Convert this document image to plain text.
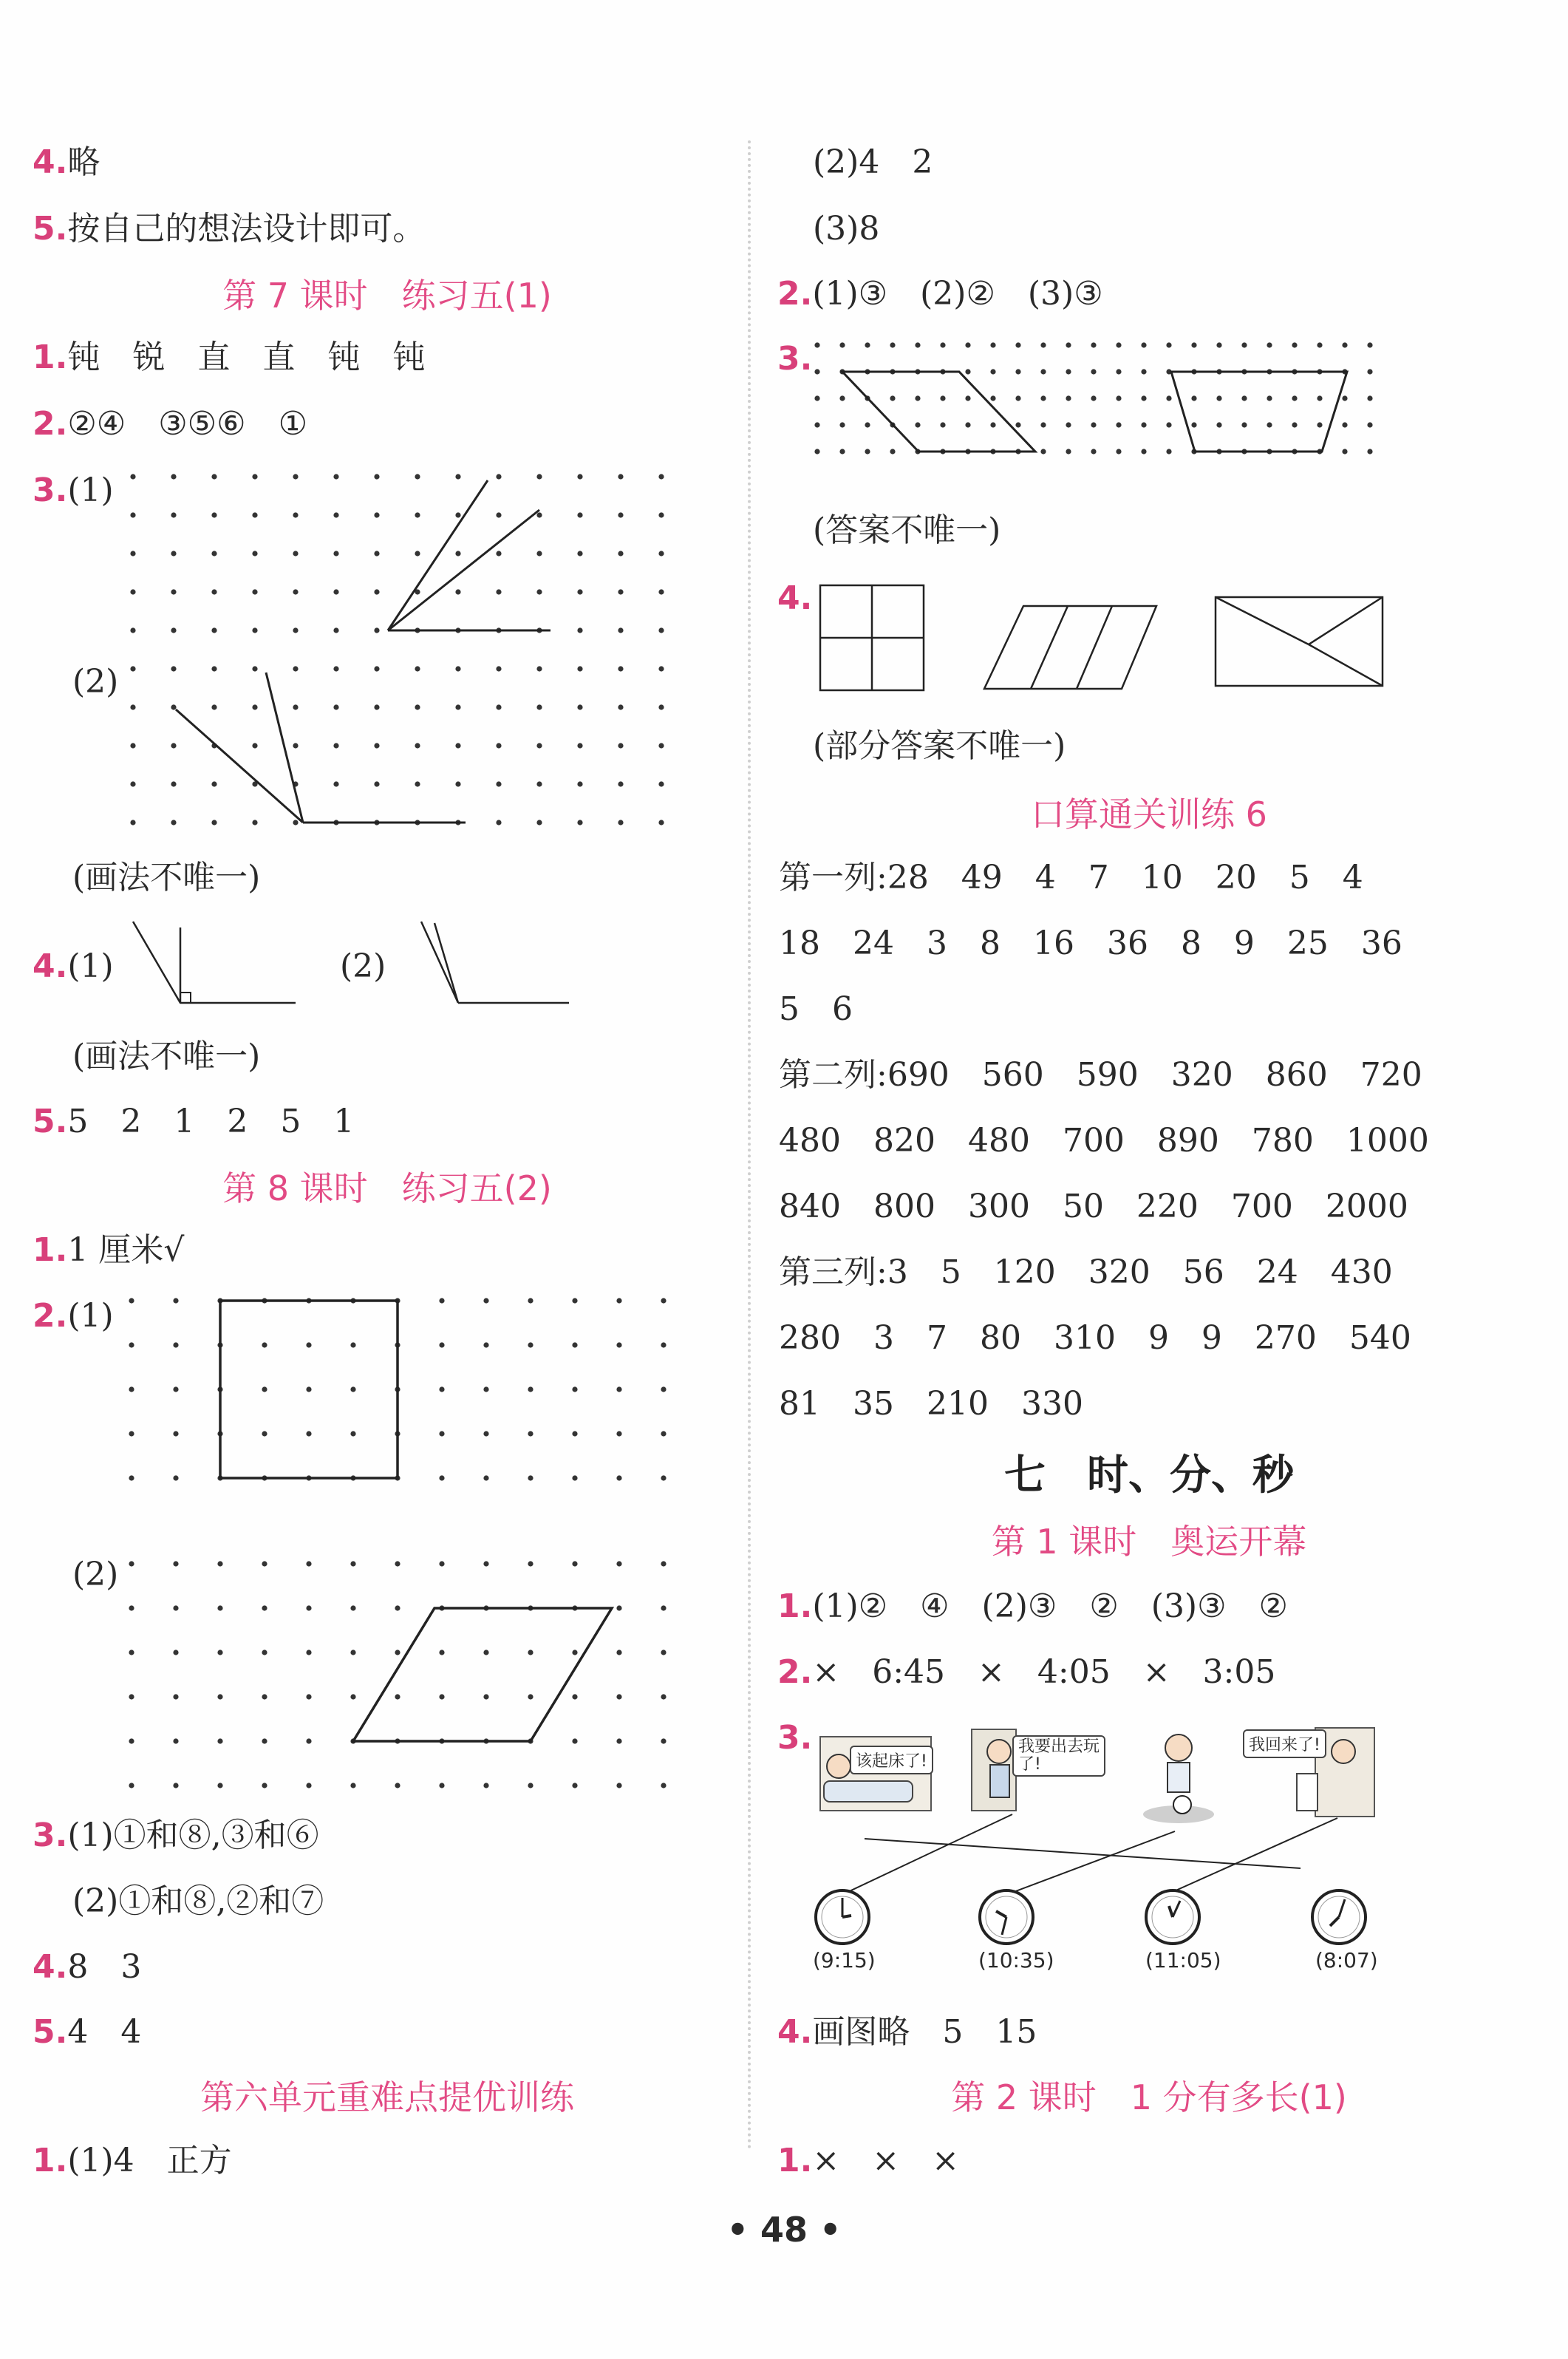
4.略
5.按自己的想法设计即可。
第 7 课时　练习五(1)
1.钝　锐　直　直　钝　钝
2.②④　③⑤⑥　①
3.(1)
(2)
(画法不唯一)
4.(1)	(2)
(画法不唯一)
5.5　2　1　2　5　1
第 8 课时　练习五(2)
1.1 厘米√
2.(1)
(2)
3.(1)①和⑧,③和⑥
(2)①和⑧,②和⑦
4.8　3
5.4　4
第六单元重难点提优训练
1.(1)4　正方
(2)4　2
(3)8
2.(1)③　(2)②　(3)③
3.
(答案不唯一)
4.
(部分答案不唯一)
口算通关训练 6
第一列:28　49　4　7　10　20　5　4
18　24　3　8　16　36　8　9　25　36
5　6
第二列:690　560　590　320　860　720
480　820　480　700　890　780　1000
840　800　300　50　220　700　2000
第三列:3　5　120　320　56　24　430
280　3　7　80　310　9　9　270　540
81　35　210　330
七　时、分、秒
第 1 课时　奥运开幕
1.(1)②　④　(2)③　②　(3)③　②
2.×　6:45　×　4:05　×　3:05
3.
该起床了!
我要出去玩了!
我回来了!
(9:15)	(10:35)	(11:05)	(8:07)
4.画图略　5　15
第 2 课时　1 分有多长(1)
1.×　×　×
• 48 •
